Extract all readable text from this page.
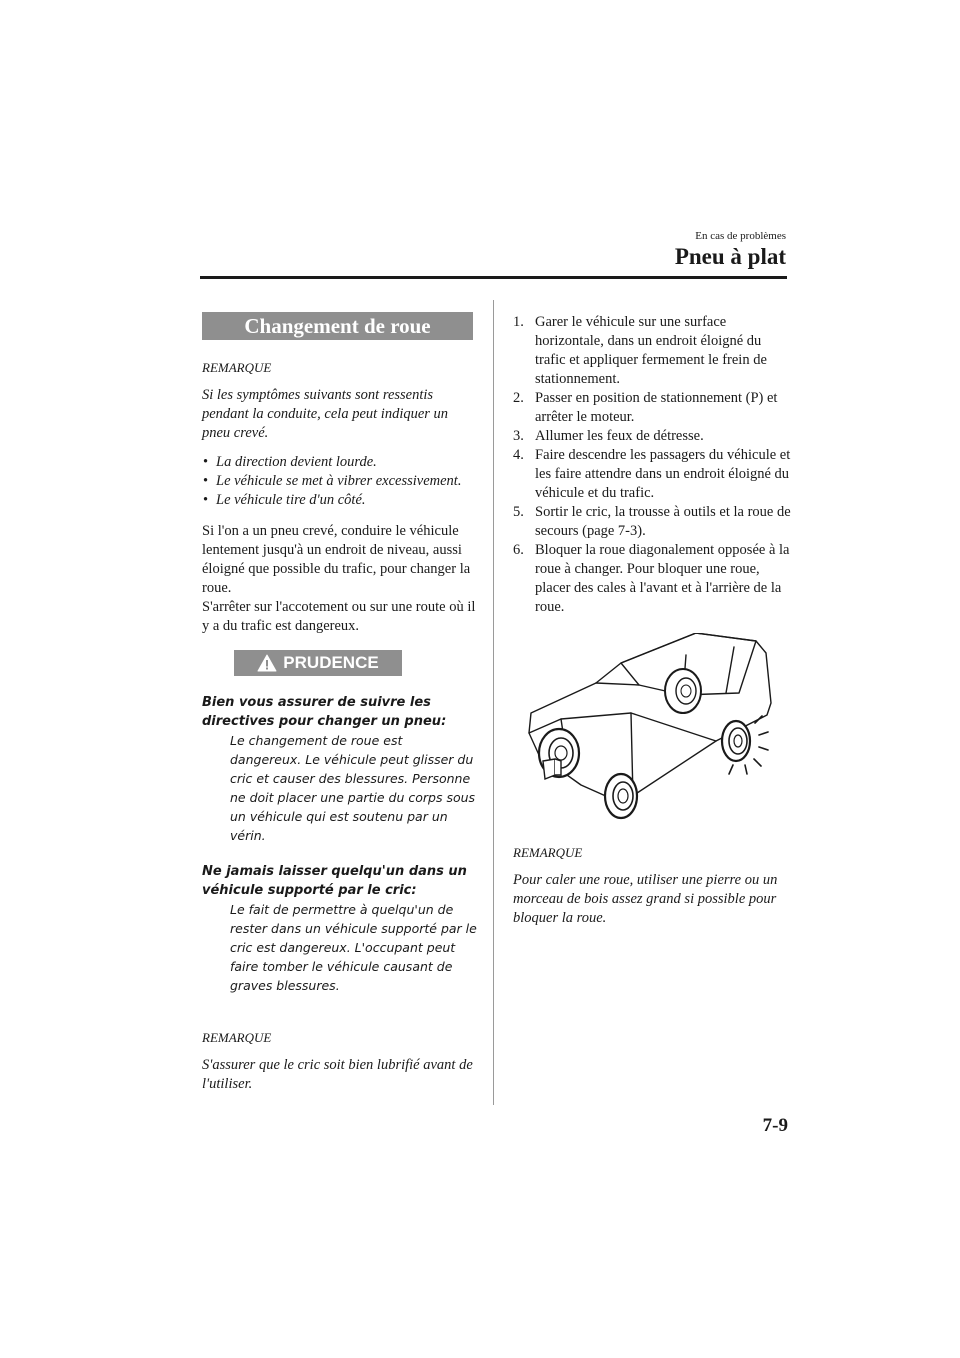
En cas de problèmes
Pneu à plat
Changement de roue

REMARQUE

Si les symptômes suivants sont ressentis pendant la conduite, cela peut indiquer un pneu crevé.

• La direction devient lourde.
• Le véhicule se met à vibrer excessivement.
• Le véhicule tire d'un côté.

Si l'on a un pneu crevé, conduire le véhicule lentement jusqu'à un endroit de niveau, aussi éloigné que possible du trafic, pour changer la roue.
S'arrêter sur l'accotement ou sur une route où il y a du trafic est dangereux.

PRUDENCE

Bien vous assurer de suivre les directives pour changer un pneu:

Le changement de roue est dangereux. Le véhicule peut glisser du cric et causer des blessures. Personne ne doit placer une partie du corps sous un véhicule qui est soutenu par un vérin.

Ne jamais laisser quelqu'un dans un véhicule supporté par le cric:

Le fait de permettre à quelqu'un de rester dans un véhicule supporté par le cric est dangereux. L'occupant peut faire tomber le véhicule causant de graves blessures.

REMARQUE

S'assurer que le cric soit bien lubrifié avant de l'utiliser.

1. Garer le véhicule sur une surface horizontale, dans un endroit éloigné du trafic et appliquer fermement le frein de stationnement.
2. Passer en position de stationnement (P) et arrêter le moteur.
3. Allumer les feux de détresse.
4. Faire descendre les passagers du véhicule et les faire attendre dans un endroit éloigné du véhicule et du trafic.
5. Sortir le cric, la trousse à outils et la roue de secours (page 7-3).
6. Bloquer la roue diagonalement opposée à la roue à changer. Pour bloquer une roue, placer des cales à l'avant et à l'arrière de la roue.

REMARQUE

Pour caler une roue, utiliser une pierre ou un morceau de bois assez grand si possible pour bloquer la roue.

7-9
